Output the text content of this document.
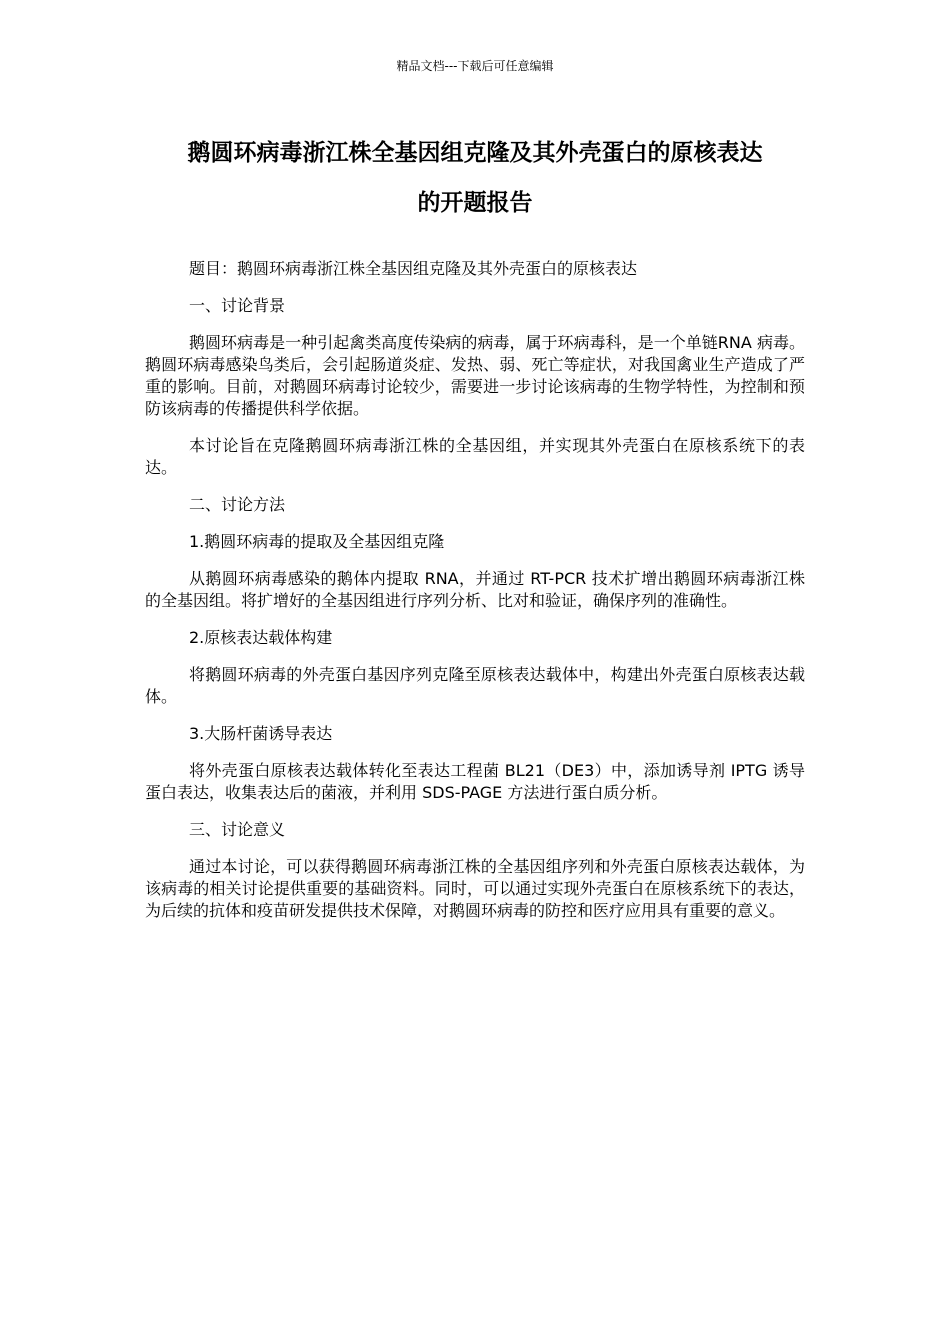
精品文档---下载后可任意编辑
鹅圆环病毒浙江株全基因组克隆及其外壳蛋白的原核表达
的开题报告

题目：鹅圆环病毒浙江株全基因组克隆及其外壳蛋白的原核表达

一、讨论背景

鹅圆环病毒是一种引起禽类高度传染病的病毒，属于环病毒科，是一个单链RNA 病毒。鹅圆环病毒感染鸟类后，会引起肠道炎症、发热、弱、死亡等症状，对我国禽业生产造成了严重的影响。目前，对鹅圆环病毒讨论较少，需要进一步讨论该病毒的生物学特性，为控制和预防该病毒的传播提供科学依据。

本讨论旨在克隆鹅圆环病毒浙江株的全基因组，并实现其外壳蛋白在原核系统下的表达。

二、讨论方法

1.鹅圆环病毒的提取及全基因组克隆

从鹅圆环病毒感染的鹅体内提取 RNA，并通过 RT-PCR 技术扩增出鹅圆环病毒浙江株的全基因组。将扩增好的全基因组进行序列分析、比对和验证，确保序列的准确性。

2.原核表达载体构建

将鹅圆环病毒的外壳蛋白基因序列克隆至原核表达载体中，构建出外壳蛋白原核表达载体。

3.大肠杆菌诱导表达

将外壳蛋白原核表达载体转化至表达工程菌 BL21（DE3）中，添加诱导剂 IPTG 诱导蛋白表达，收集表达后的菌液，并利用 SDS-PAGE 方法进行蛋白质分析。

三、讨论意义

通过本讨论，可以获得鹅圆环病毒浙江株的全基因组序列和外壳蛋白原核表达载体，为该病毒的相关讨论提供重要的基础资料。同时，可以通过实现外壳蛋白在原核系统下的表达，为后续的抗体和疫苗研发提供技术保障，对鹅圆环病毒的防控和医疗应用具有重要的意义。
